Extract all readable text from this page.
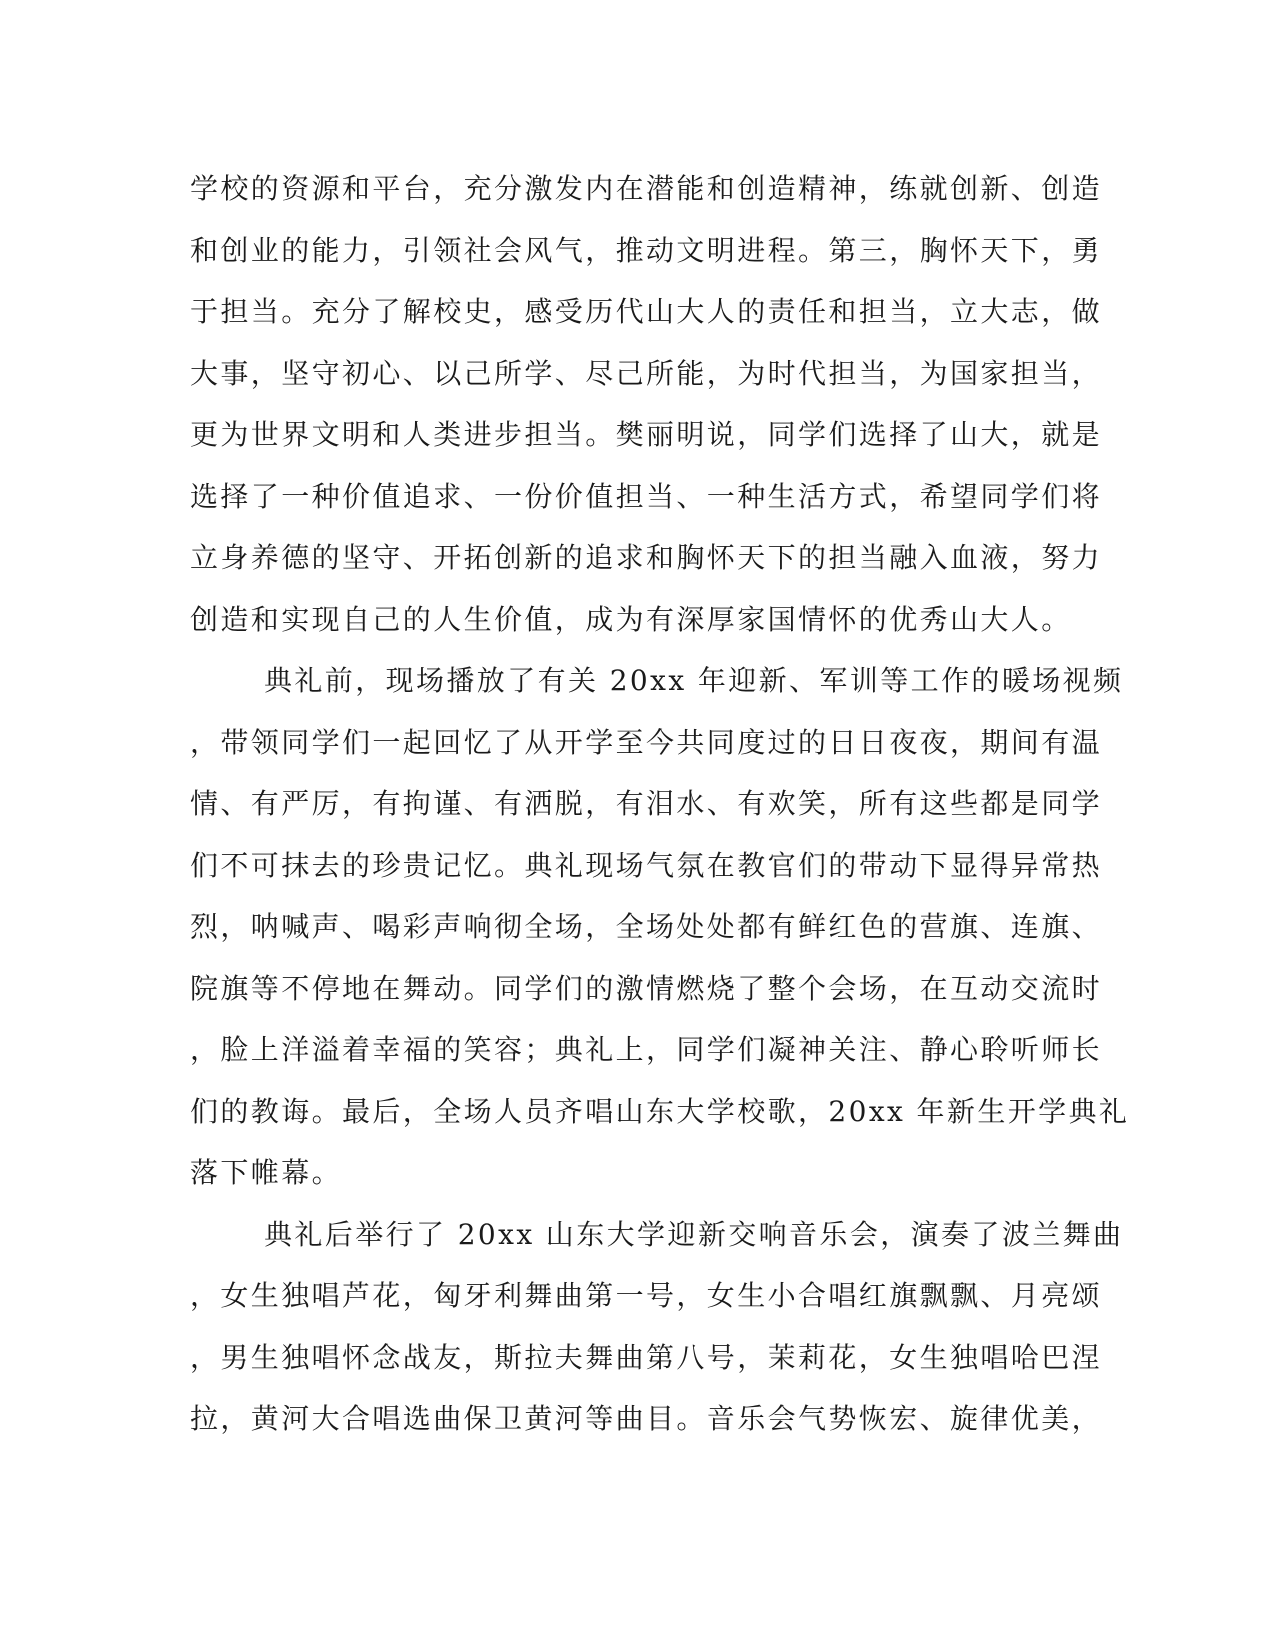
学校的资源和平台，充分激发内在潜能和创造精神，练就创新、创造
和创业的能力，引领社会风气，推动文明进程。第三，胸怀天下，勇
于担当。充分了解校史，感受历代山大人的责任和担当，立大志，做
大事，坚守初心、以己所学、尽己所能，为时代担当，为国家担当，
更为世界文明和人类进步担当。樊丽明说，同学们选择了山大，就是
选择了一种价值追求、一份价值担当、一种生活方式，希望同学们将
立身养德的坚守、开拓创新的追求和胸怀天下的担当融入血液，努力
创造和实现自己的人生价值，成为有深厚家国情怀的优秀山大人。
典礼前，现场播放了有关 20xx 年迎新、军训等工作的暖场视频
，带领同学们一起回忆了从开学至今共同度过的日日夜夜，期间有温
情、有严厉，有拘谨、有洒脱，有泪水、有欢笑，所有这些都是同学
们不可抹去的珍贵记忆。典礼现场气氛在教官们的带动下显得异常热
烈，呐喊声、喝彩声响彻全场，全场处处都有鲜红色的营旗、连旗、
院旗等不停地在舞动。同学们的激情燃烧了整个会场，在互动交流时
，脸上洋溢着幸福的笑容；典礼上，同学们凝神关注、静心聆听师长
们的教诲。最后，全场人员齐唱山东大学校歌，20xx 年新生开学典礼
落下帷幕。
典礼后举行了 20xx 山东大学迎新交响音乐会，演奏了波兰舞曲
，女生独唱芦花，匈牙利舞曲第一号，女生小合唱红旗飘飘、月亮颂
，男生独唱怀念战友，斯拉夫舞曲第八号，茉莉花，女生独唱哈巴涅
拉，黄河大合唱选曲保卫黄河等曲目。音乐会气势恢宏、旋律优美，
